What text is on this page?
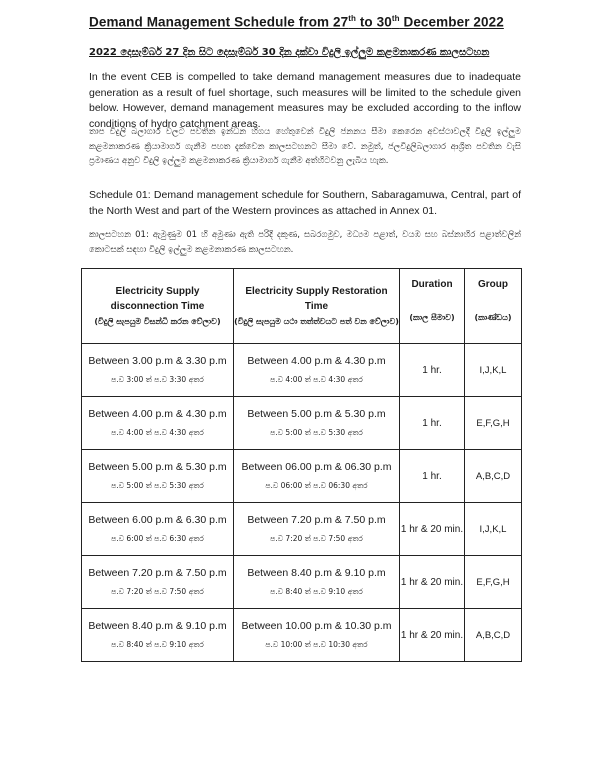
Demand Management Schedule from 27th to 30th December 2022
2022 දෙසැම්බර් 27 දින සිට දෙසැම්බර් 30 දින දක්වා විදුලි ඉල්ලුම කළමනාකරණ කාලසටහන

In the event CEB is compelled to take demand management measures due to inadequate generation as a result of fuel shortage, such measures will be limited to the schedule given below. However, demand management measures may be excluded according to the inflow conditions of hydro catchment areas.

තාප විදුලි බලාගාර වලට පවතින ඉන්ධන හිගය හේතුවෙන් විදුලි ජනනය සීමා කෙරෙන අවස්ථාවලදී විදුලි ඉල්ලුම කළමනාකරණ ක්‍රියාමාර්ග ගැනීම පහත දැක්වෙන කාලසටහනට සීමා වේ. නමුත්, ජලවිදුලිබලාගාර ආශ්‍රිත පවතින වැසි ප්‍රමාණය අනුව විදුලි ඉල්ලුම කළමනාකරණ ක්‍රියාමාර්ග ගැනීම අත්හිටවනු ලැබිය හැක.

Schedule 01: Demand management schedule for Southern, Sabaragamuwa, Central, part of the North West and part of the Western provinces as attached in Annex 01.

කාලසටහන 01: ඇමුණුම 01 හි අමුණා ඇති පරිදි දකුණ, සබරගමුව, මධ්‍යම පළාත්, වයඹ සහ බස්නාහිර පළාත්වලින් කොටසක් සඳහා විදුලි ඉල්ලුම කළමනාකරණ කාලසටහන.

Electricity Supply disconnection Time
(විදුලි සැපයුම විසන්ධි කරන වේලාව)	Electricity Supply Restoration Time
(විදුලි සැපයුම යථා තත්ත්වයට පත් වන වේලාව)	Duration
(කාල සීමාව)	Group
(කාණ්ඩය)

Between 3.00 p.m & 3.30 p.m
ප.ව 3:00 ත් ප.ව 3:30 අතර	Between 4.00 p.m & 4.30 p.m
ප.ව 4:00 ත් ප.ව 4:30 අතර	1 hr.	I,J,K,L

Between 4.00 p.m & 4.30 p.m
ප.ව 4:00 ත් ප.ව 4:30 අතර	Between 5.00 p.m & 5.30 p.m
ප.ව 5:00 ත් ප.ව 5:30 අතර	1 hr.	E,F,G,H

Between 5.00 p.m & 5.30 p.m
ප.ව 5:00 ත් ප.ව 5:30 අතර	Between 06.00 p.m & 06.30 p.m
ප.ව 06:00 ත් ප.ව 06:30 අතර	1 hr.	A,B,C,D

Between 6.00 p.m & 6.30 p.m
ප.ව 6:00 ත් ප.ව 6:30 අතර	Between 7.20 p.m & 7.50 p.m
ප.ව 7:20 ත් ප.ව 7:50 අතර	1 hr & 20 min.	I,J,K,L

Between 7.20 p.m & 7.50 p.m
ප.ව 7:20 ත් ප.ව 7:50 අතර	Between 8.40 p.m & 9.10 p.m
ප.ව 8:40 ත් ප.ව 9:10 අතර	1 hr & 20 min.	E,F,G,H

Between 8.40 p.m & 9.10 p.m
ප.ව 8:40 ත් ප.ව 9:10 අතර	Between 10.00 p.m & 10.30 p.m
ප.ව 10:00 ත් ප.ව 10:30 අතර	1 hr & 20 min.	A,B,C,D
